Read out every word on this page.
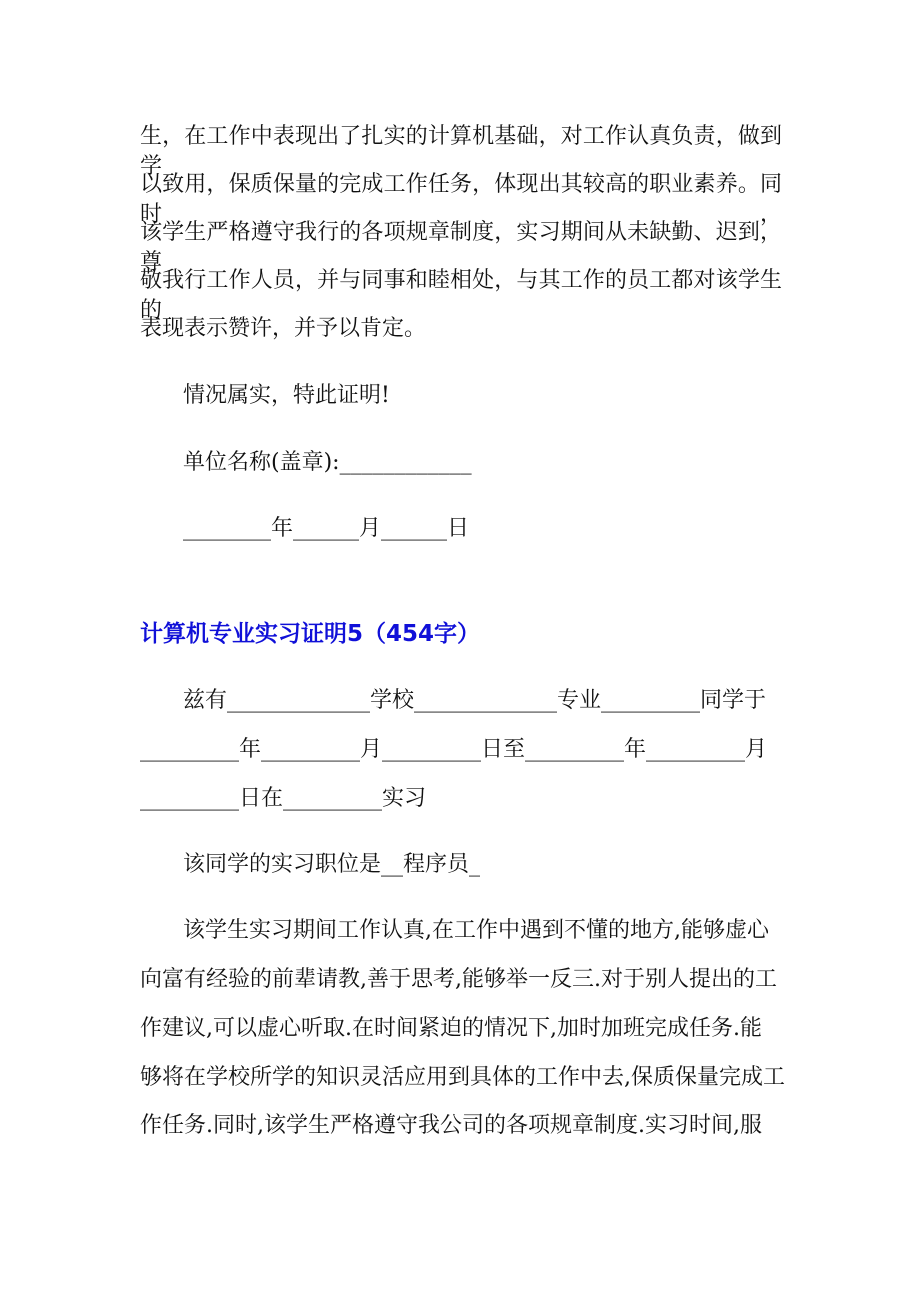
生，在工作中表现出了扎实的计算机基础，对工作认真负责，做到学
以致用，保质保量的完成工作任务，体现出其较高的职业素养。同时，
该学生严格遵守我行的各项规章制度，实习期间从未缺勤、迟到，尊
敬我行工作人员，并与同事和睦相处，与其工作的员工都对该学生的
表现表示赞许，并予以肯定。
情况属实，特此证明!
单位名称(盖章):____________
________年______月______日
计算机专业实习证明5（454字）
兹有_____________学校_____________专业_________同学于
_________年_________月_________日至_________年_________月
_________日在_________实习
该同学的实习职位是__程序员_
该学生实习期间工作认真,在工作中遇到不懂的地方,能够虚心
向富有经验的前辈请教,善于思考,能够举一反三.对于别人提出的工
作建议,可以虚心听取.在时间紧迫的情况下,加时加班完成任务.能
够将在学校所学的知识灵活应用到具体的工作中去,保质保量完成工
作任务.同时,该学生严格遵守我公司的各项规章制度.实习时间,服
